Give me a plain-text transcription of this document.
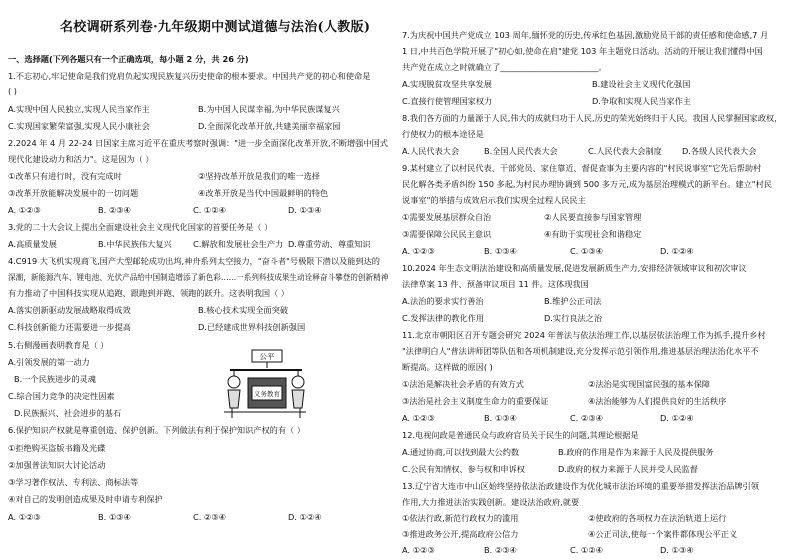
名校调研系列卷·九年级期中测试道德与法治(人教版)
一、选择题(下列各题只有一个正确选项，每小题 2 分，共 26 分)
1.不忘初心,牢记使命是我们党肩负起实现民族复兴历史使命的根本要求。中国共产党的初心和使命是
( )
A.实现中国人民独立,实现人民当家作主	B.为中国人民谋幸福,为中华民族谋复兴
C.实现国家繁荣富强,实现人民小康社会	D.全面深化改革开放,共建美丽幸福家园
2.2024 年 4 月 22-24 日国家主席习近平在重庆考察时强调："进一步全面深化改革开放,不断增强中国式
现代化建设动力和活力"。这是因为（ ）
①改革只有进行时，没有完成时	②坚持改革开放是我们的唯一选择
③改革开放能解决发展中的一切问题	④改革开放是当代中国最鲜明的特色
A. ①②③	B. ②③④	C. ①②④	D. ①③④
3.党的二十大会议上提出全面建设社会主义现代化国家的首要任务是（ ）
A.高质量发展	B.中华民族伟大复兴	C.解放和发展社会生产力 D.尊重劳动、尊重知识
4.C919 大飞机实现商飞,国产大型邮轮成功出坞,神舟系列太空接力，"奋斗者"号极限下潜以及能到达的
深潮，新能源汽车、锂电池、光伏产品给中国制造增添了新色彩……一系列科技成果生动诠释奋斗攀登的创新精神
有力推动了中国科技实现从追跑、跟跑到并跑、领跑的跃升。这表明我国（ ）
A.落实创新驱动发展战略取得成效	B.核心技术实现全面突破
C.科技创新能力还需要进一步提高	D.已经建成世界科技创新强国
5.右侧漫画表明教育是（ ）
A.引领发展的第一动力
B.一个民族进步的灵魂
C.综合国力竞争的决定性因素
D.民族振兴、社会进步的基石
公平
义务教育
6.保护知识产权就是尊重创造、保护创新。下列做法有利于保护知识产权的有（ ）
①拒绝购买盗版书籍及光碟
②加强普法知识大讨论活动
③学习著作权法、专利法、商标法等
④对自己的发明创造成果及时申请专利保护
A. ①②③	B. ①③④	C. ②③④	D. ①②④
7.为庆祝中国共产党成立 103 周年,缅怀党的历史,传承红色基因,激励党员干部的责任感和使命感,7 月
1 日,中共百色学院开展了"初心如,使命在肩"建党 103 年主题党日活动。活动的开展让我们懂得中国
共产党在成立之时就确立了________________________。
A.实现脱贫攻坚共享发展	B.建设社会主义现代化强国
C.直接行使管理国家权力	D.争取和实现人民当家作主
8.我们各方面的力量源于人民,伟大的成就归功于人民,历史的荣光始终归于人民。我国人民掌握国家政权，
行使权力的根本途径是
A.人民代表大会	B.全国人民代表大会	C.人民代表大会制度 D.各级人民代表大会
9.某村建立了以村民代表、干部党员、家住靠近、督促查事为主要内容的"村民说事室"它先后帮助村
民化解各类矛盾纠纷 150 多起,为村民办理协调到 500 多万元,成为基层治理模式的新平台。建立"村民
说事室"的举措与成效启示我们实现全过程人民民主
①需要发展基层群众自治	②人民要直接参与国家管理
③需要保障公民民主意识	④有助于实现社会和谐稳定
A. ①②③	B. ①③④	C. ①③④	D. ①②④
10.2024 年生态文明法治建设和高质量发展,促进发展新质生产力,安排经济领域审议和初次审议
法律草案 13 件、预备审议项目 11 件。这体现我国
A.法治的要求实行善治	B.维护公正司法
C.发挥法律的教化作用	D.实行良法之治
11.北京市朝阳区召开专题会研究 2024 年普法与依法治理工作,以基层依法治理工作为抓手,提升乡村
"法律明白人"普法讲师团等队伍和各项机制建设,充分发挥示范引领作用,推进基层治理法治化水平不
断提高。这样做的原因( )
①法治是解决社会矛盾的有效方式	②法治是实现国富民强的基本保障
③法治是社会主义制度生命力的重要保证	④法治能够为人们提供良好的生活秩序
A. ①②③	B. ①③④	C. ②③④	D. ①②④
12.电视问政是普通民众与政府官员关于民生的问题,其理论根据是
A.通过协商,可以找到最大公约数	B.政府的作用是作为来源于人民及提供服务
C.公民有知情权、参与权和申诉权	D.政府的权力来源于人民并受人民监督
13.辽宁省大连市中山区始终坚持依法治政建设作为优化城市法治环境的重要举措发挥法治品牌引领
作用,大力推进法治实践创新。建设法治政府,就要
①依法行政,新范行政权力的滥用	②使政府的各项权力在法治轨道上运行
③推进政务公开,提高政府公信力	④公正司法,使每一个案件都体现公平正义
A. ①②③	B. ②③④	C. ①②④	D. ①③④
